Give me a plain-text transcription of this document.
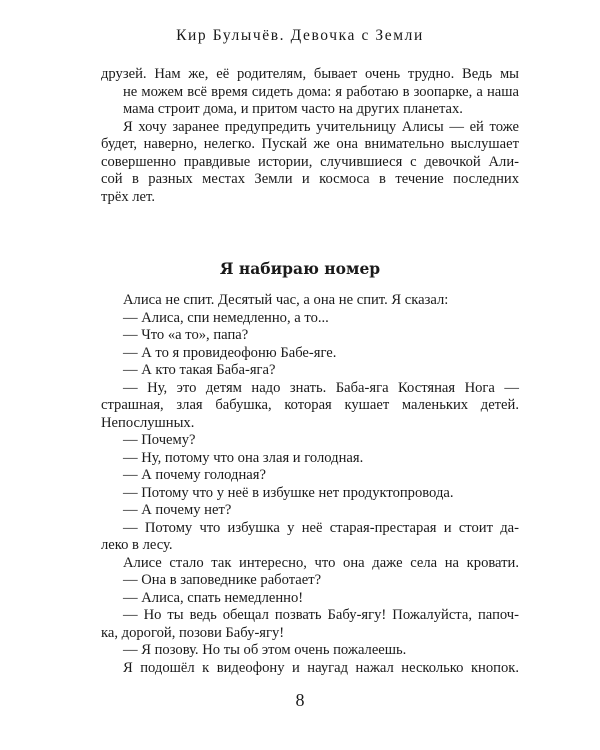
Кир Булычёв. Девочка с Земли
друзей. Нам же, её родителям, бывает очень трудно. Ведь мы
не можем всё время сидеть дома: я работаю в зоопарке, а наша
мама строит дома, и притом часто на других планетах.
Я хочу заранее предупредить учительницу Алисы — ей тоже
будет, наверно, нелегко. Пускай же она внимательно выслушает
совершенно правдивые истории, случившиеся с девочкой Али-
сой в разных местах Земли и космоса в течение последних
трёх лет.
Я набираю номер
Алиса не спит. Десятый час, а она не спит. Я сказал:
— Алиса, спи немедленно, а то...
— Что «а то», папа?
— А то я провидеофоню Бабе-яге.
— А кто такая Баба-яга?
— Ну, это детям надо знать. Баба-яга Костяная Нога —
страшная, злая бабушка, которая кушает маленьких детей.
Непослушных.
— Почему?
— Ну, потому что она злая и голодная.
— А почему голодная?
— Потому что у неё в избушке нет продуктопровода.
— А почему нет?
— Потому что избушка у неё старая-престарая и стоит да-
леко в лесу.
Алисе стало так интересно, что она даже села на кровати.
— Она в заповеднике работает?
— Алиса, спать немедленно!
— Но ты ведь обещал позвать Бабу-ягу! Пожалуйста, папоч-
ка, дорогой, позови Бабу-ягу!
— Я позову. Но ты об этом очень пожалеешь.
Я подошёл к видеофону и наугад нажал несколько кнопок.
8
